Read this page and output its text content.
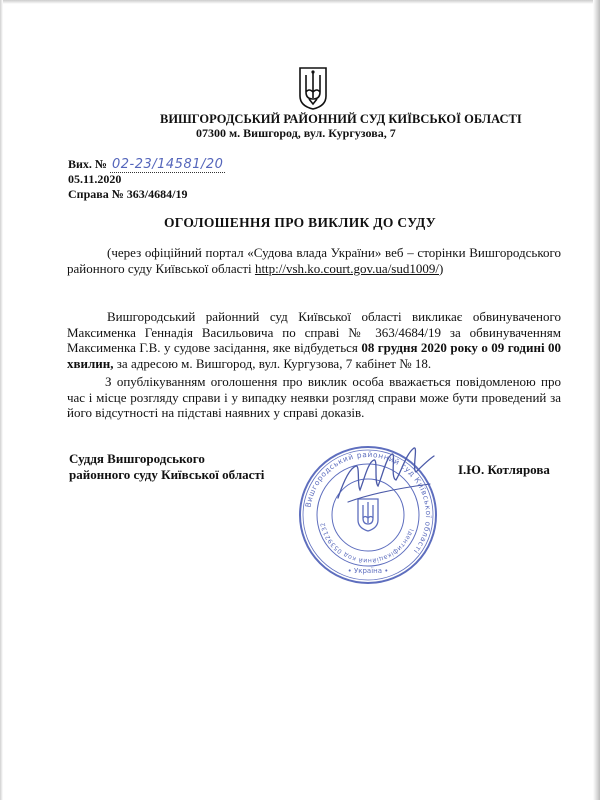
ВИШГОРОДСЬКИЙ РАЙОННИЙ СУД КИЇВСЬКОЇ ОБЛАСТІ
07300 м. Вишгород, вул. Кургузова, 7
Вих. № 02-23/14581/20
05.11.2020
Справа № 363/4684/19
ОГОЛОШЕННЯ ПРО ВИКЛИК ДО СУДУ
(через офіційний портал «Судова влада України» веб – сторінки Вишгородського районного суду Київської області http://vsh.ko.court.gov.ua/sud1009/)
Вишгородський районний суд Київської області викликає обвинуваченого Максименка Геннадія Васильовича по справі № 363/4684/19 за обвинуваченням Максименка Г.В. у судове засідання, яке відбудеться 08 грудня 2020 року о 09 годині 00 хвилин, за адресою м. Вишгород, вул. Кургузова, 7 кабінет № 18.
З опублікуванням оголошення про виклик особа вважається повідомленою про час і місце розгляду справи і у випадку неявки розгляд справи може бути проведений за його відсутності на підставі наявних у справі доказів.
Суддя Вишгородського
районного суду Київської області	І.Ю. Котлярова
Вишгородський районний суд Київської області
Ідентифікаційний код 05392132
• Україна •
